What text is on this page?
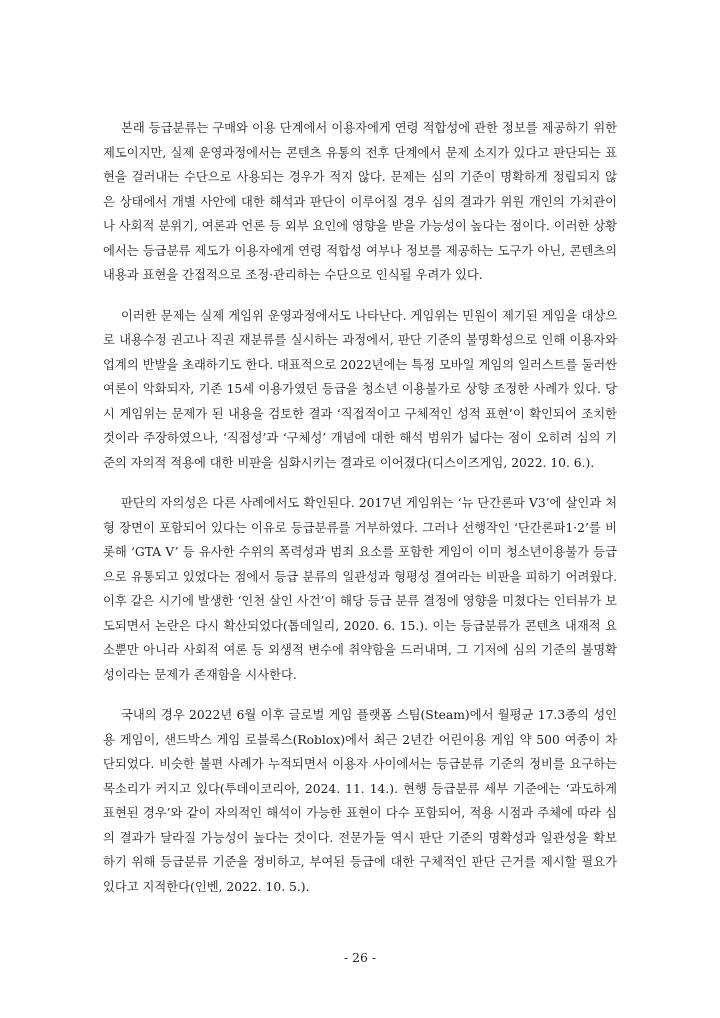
본래 등급분류는 구매와 이용 단계에서 이용자에게 연령 적합성에 관한 정보를 제공하기 위한 제도이지만, 실제 운영과정에서는 콘텐츠 유통의 전후 단계에서 문제 소지가 있다고 판단되는 표현을 걸러내는 수단으로 사용되는 경우가 적지 않다. 문제는 심의 기준이 명확하게 정립되지 않은 상태에서 개별 사안에 대한 해석과 판단이 이루어질 경우 심의 결과가 위원 개인의 가치관이나 사회적 분위기, 여론과 언론 등 외부 요인에 영향을 받을 가능성이 높다는 점이다. 이러한 상황에서는 등급분류 제도가 이용자에게 연령 적합성 여부나 정보를 제공하는 도구가 아닌, 콘텐츠의 내용과 표현을 간접적으로 조정·관리하는 수단으로 인식될 우려가 있다.

이러한 문제는 실제 게임위 운영과정에서도 나타난다. 게임위는 민원이 제기된 게임을 대상으로 내용수정 권고나 직권 재분류를 실시하는 과정에서, 판단 기준의 불명확성으로 인해 이용자와 업계의 반발을 초래하기도 한다. 대표적으로 2022년에는 특정 모바일 게임의 일러스트를 둘러싼 여론이 악화되자, 기존 15세 이용가였던 등급을 청소년 이용불가로 상향 조정한 사례가 있다. 당시 게임위는 문제가 된 내용을 검토한 결과 ‘직접적이고 구체적인 성적 표현’이 확인되어 조치한 것이라 주장하였으나, ‘직접성’과 ‘구체성’ 개념에 대한 해석 범위가 넓다는 점이 오히려 심의 기준의 자의적 적용에 대한 비판을 심화시키는 결과로 이어졌다(디스이즈게임, 2022. 10. 6.).

판단의 자의성은 다른 사례에서도 확인된다. 2017년 게임위는 ‘뉴 단간론파 V3’에 살인과 처형 장면이 포함되어 있다는 이유로 등급분류를 거부하였다. 그러나 선행작인 ‘단간론파1·2’를 비롯해 ‘GTA V’ 등 유사한 수위의 폭력성과 범죄 요소를 포함한 게임이 이미 청소년이용불가 등급으로 유통되고 있었다는 점에서 등급 분류의 일관성과 형평성 결여라는 비판을 피하기 어려웠다. 이후 같은 시기에 발생한 ‘인천 살인 사건’이 해당 등급 분류 결정에 영향을 미쳤다는 인터뷰가 보도되면서 논란은 다시 확산되었다(톱데일리, 2020. 6. 15.). 이는 등급분류가 콘텐츠 내재적 요소뿐만 아니라 사회적 여론 등 외생적 변수에 취약함을 드러내며, 그 기저에 심의 기준의 불명확성이라는 문제가 존재함을 시사한다.

국내의 경우 2022년 6월 이후 글로벌 게임 플랫폼 스팀(Steam)에서 월평균 17.3종의 성인용 게임이, 샌드박스 게임 로블록스(Roblox)에서 최근 2년간 어린이용 게임 약 500 여종이 차단되었다. 비슷한 불편 사례가 누적되면서 이용자 사이에서는 등급분류 기준의 정비를 요구하는 목소리가 커지고 있다(투데이코리아, 2024. 11. 14.). 현행 등급분류 세부 기준에는 ‘과도하게 표현된 경우’와 같이 자의적인 해석이 가능한 표현이 다수 포함되어, 적용 시점과 주체에 따라 심의 결과가 달라질 가능성이 높다는 것이다. 전문가들 역시 판단 기준의 명확성과 일관성을 확보하기 위해 등급분류 기준을 정비하고, 부여된 등급에 대한 구체적인 판단 근거를 제시할 필요가 있다고 지적한다(인벤, 2022. 10. 5.).

- 26 -
